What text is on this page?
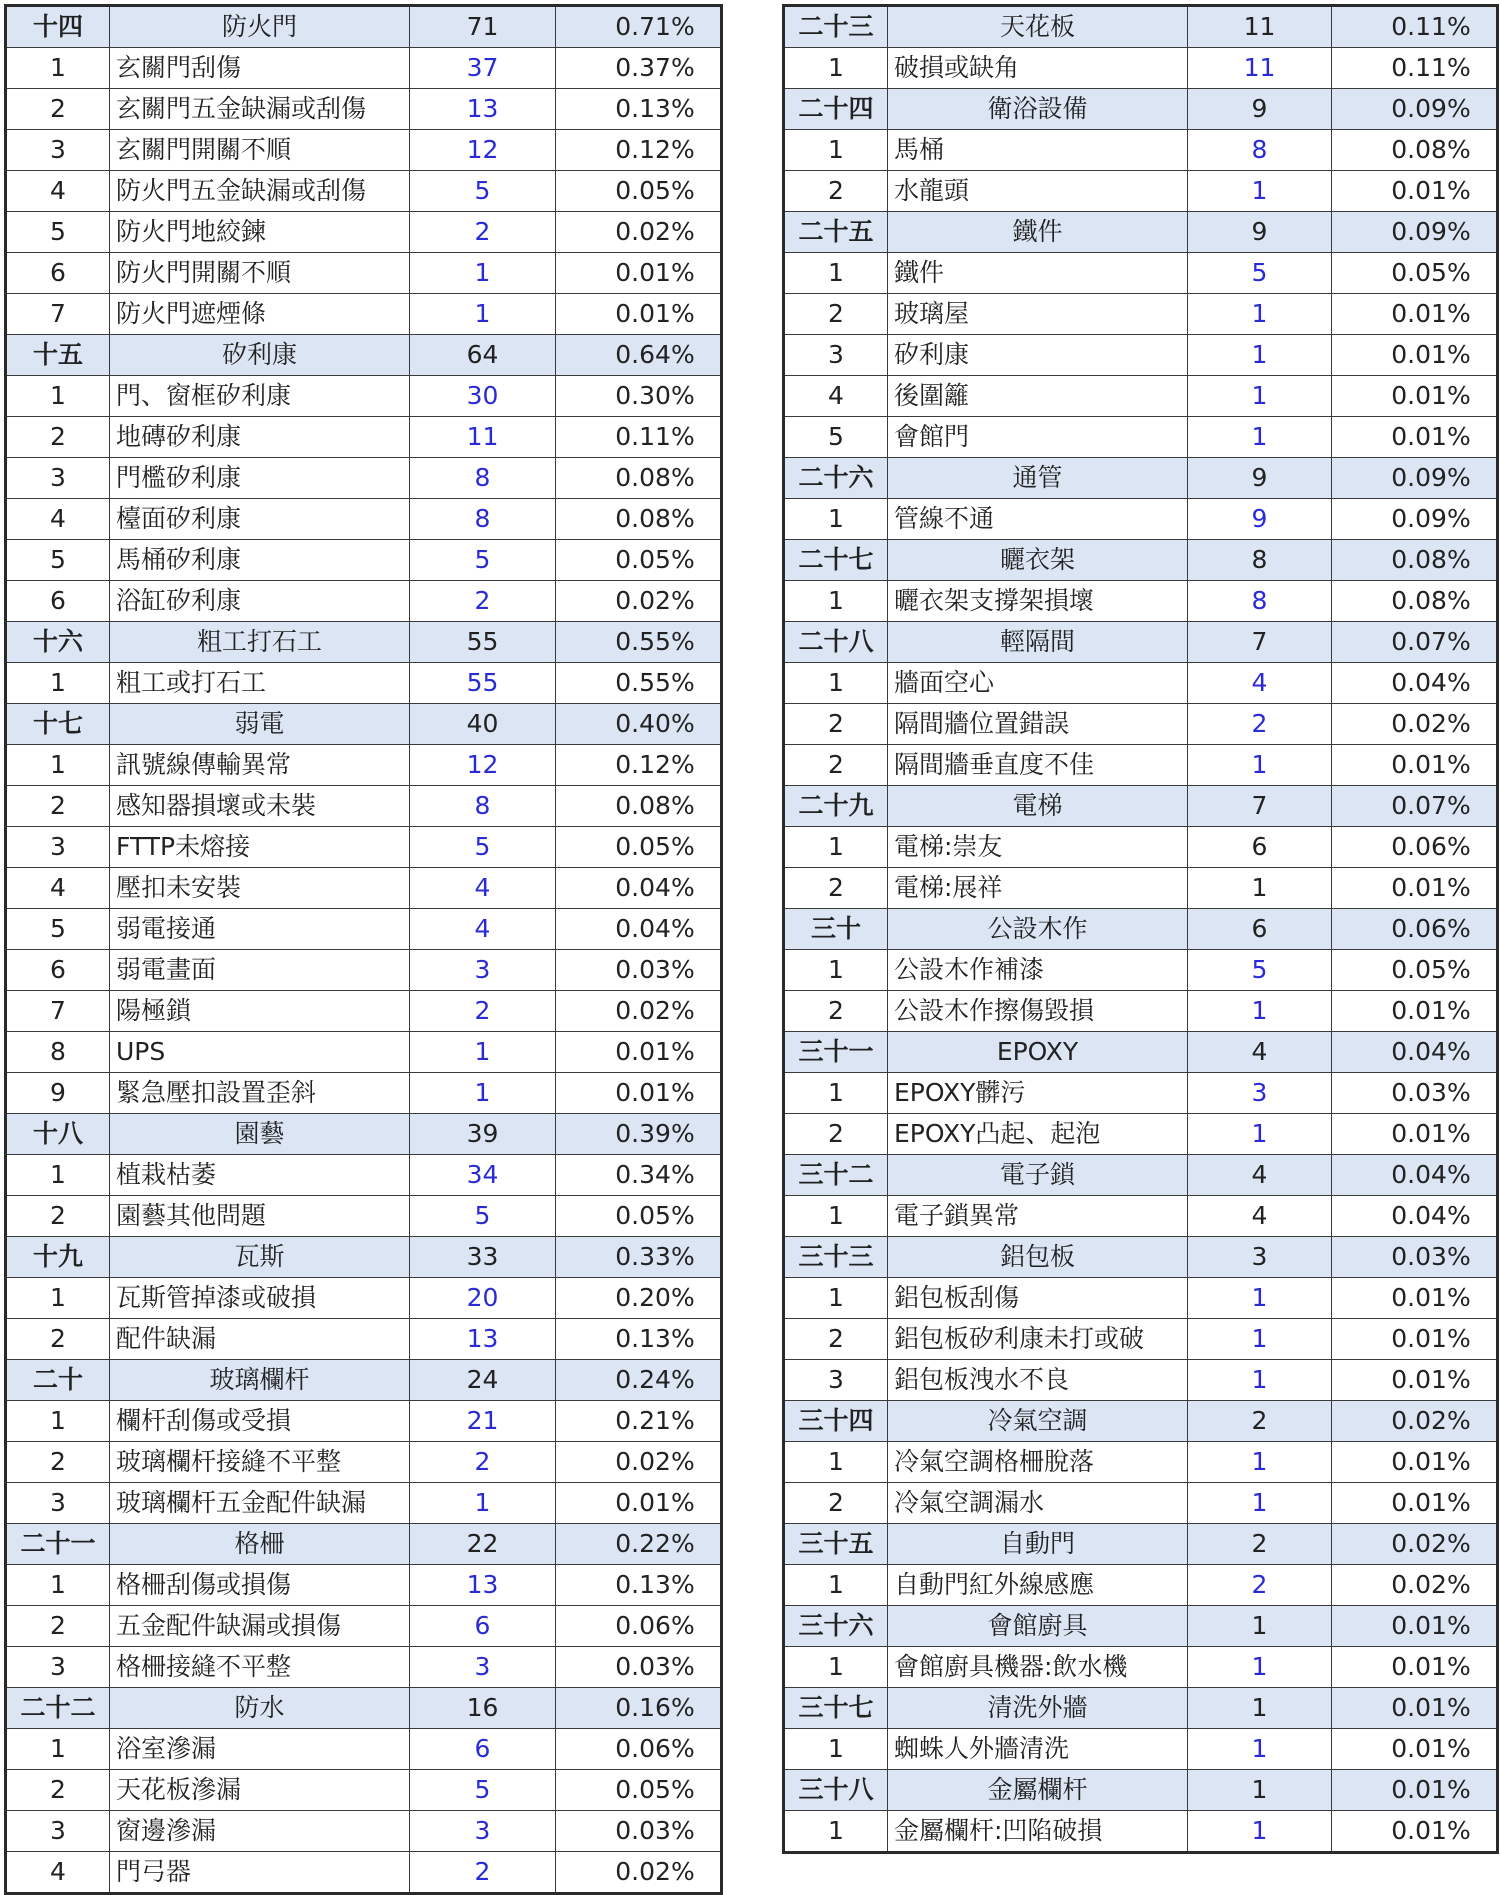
十四	防火門	71	0.71%
1	玄關門刮傷	37	0.37%
2	玄關門五金缺漏或刮傷	13	0.13%
3	玄關門開關不順	12	0.12%
4	防火門五金缺漏或刮傷	5	0.05%
5	防火門地絞鍊	2	0.02%
6	防火門開關不順	1	0.01%
7	防火門遮煙條	1	0.01%
十五	矽利康	64	0.64%
1	門、窗框矽利康	30	0.30%
2	地磚矽利康	11	0.11%
3	門檻矽利康	8	0.08%
4	檯面矽利康	8	0.08%
5	馬桶矽利康	5	0.05%
6	浴缸矽利康	2	0.02%
十六	粗工打石工	55	0.55%
1	粗工或打石工	55	0.55%
十七	弱電	40	0.40%
1	訊號線傳輸異常	12	0.12%
2	感知器損壞或未裝	8	0.08%
3	FTTP未熔接	5	0.05%
4	壓扣未安裝	4	0.04%
5	弱電接通	4	0.04%
6	弱電畫面	3	0.03%
7	陽極鎖	2	0.02%
8	UPS	1	0.01%
9	緊急壓扣設置歪斜	1	0.01%
十八	園藝	39	0.39%
1	植栽枯萎	34	0.34%
2	園藝其他問題	5	0.05%
十九	瓦斯	33	0.33%
1	瓦斯管掉漆或破損	20	0.20%
2	配件缺漏	13	0.13%
二十	玻璃欄杆	24	0.24%
1	欄杆刮傷或受損	21	0.21%
2	玻璃欄杆接縫不平整	2	0.02%
3	玻璃欄杆五金配件缺漏	1	0.01%
二十一	格柵	22	0.22%
1	格柵刮傷或損傷	13	0.13%
2	五金配件缺漏或損傷	6	0.06%
3	格柵接縫不平整	3	0.03%
二十二	防水	16	0.16%
1	浴室滲漏	6	0.06%
2	天花板滲漏	5	0.05%
3	窗邊滲漏	3	0.03%
4	門弓器	2	0.02%
二十三	天花板	11	0.11%
1	破損或缺角	11	0.11%
二十四	衛浴設備	9	0.09%
1	馬桶	8	0.08%
2	水龍頭	1	0.01%
二十五	鐵件	9	0.09%
1	鐵件	5	0.05%
2	玻璃屋	1	0.01%
3	矽利康	1	0.01%
4	後圍籬	1	0.01%
5	會館門	1	0.01%
二十六	通管	9	0.09%
1	管線不通	9	0.09%
二十七	曬衣架	8	0.08%
1	曬衣架支撐架損壞	8	0.08%
二十八	輕隔間	7	0.07%
1	牆面空心	4	0.04%
2	隔間牆位置錯誤	2	0.02%
2	隔間牆垂直度不佳	1	0.01%
二十九	電梯	7	0.07%
1	電梯:崇友	6	0.06%
2	電梯:展祥	1	0.01%
三十	公設木作	6	0.06%
1	公設木作補漆	5	0.05%
2	公設木作擦傷毀損	1	0.01%
三十一	EPOXY	4	0.04%
1	EPOXY髒污	3	0.03%
2	EPOXY凸起、起泡	1	0.01%
三十二	電子鎖	4	0.04%
1	電子鎖異常	4	0.04%
三十三	鋁包板	3	0.03%
1	鋁包板刮傷	1	0.01%
2	鋁包板矽利康未打或破	1	0.01%
3	鋁包板洩水不良	1	0.01%
三十四	冷氣空調	2	0.02%
1	冷氣空調格柵脫落	1	0.01%
2	冷氣空調漏水	1	0.01%
三十五	自動門	2	0.02%
1	自動門紅外線感應	2	0.02%
三十六	會館廚具	1	0.01%
1	會館廚具機器:飲水機	1	0.01%
三十七	清洗外牆	1	0.01%
1	蜘蛛人外牆清洗	1	0.01%
三十八	金屬欄杆	1	0.01%
1	金屬欄杆:凹陷破損	1	0.01%
